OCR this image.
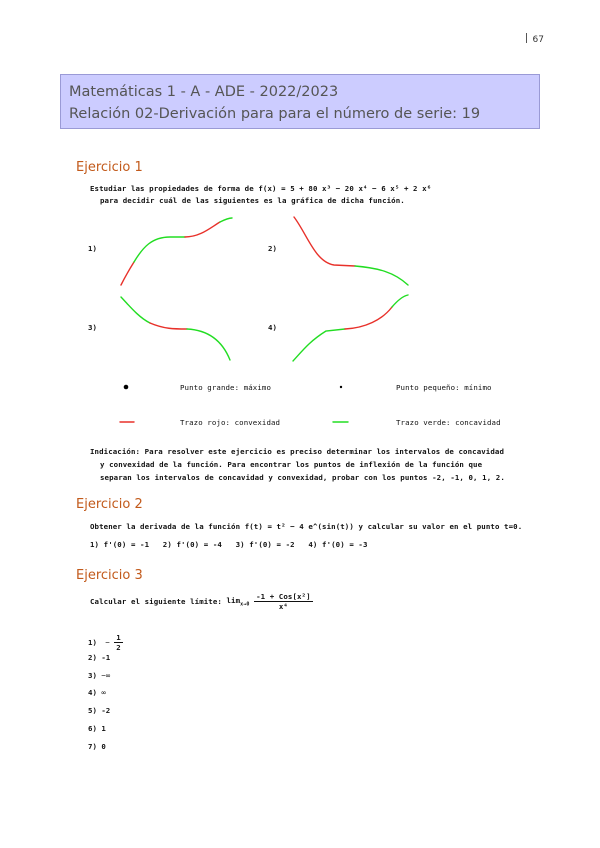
67
Matemáticas 1 - A - ADE - 2022/2023
Relación 02-Derivación para para el número de serie: 19
Ejercicio 1
Estudiar las propiedades de forma de f(x) = 5 + 80 x³ − 20 x⁴ − 6 x⁵ + 2 x⁶
para decidir cuál de las siguientes es la gráfica de dicha función.
1)	2)
3)	4)
Punto grande: máximo	Punto pequeño: mínimo
Trazo rojo: convexidad	Trazo verde: concavidad
Indicación: Para resolver este ejercicio es preciso determinar los intervalos de concavidad
y convexidad de la función. Para encontrar los puntos de inflexión de la función que
separan los intervalos de concavidad y convexidad, probar con los puntos -2, -1, 0, 1, 2.
Ejercicio 2
Obtener la derivada de la función f(t) = t² − 4 e^(sin(t)) y calcular su valor en el punto t=0.
1) f'(0) = -1   2) f'(0) = -4   3) f'(0) = -2   4) f'(0) = -3
Ejercicio 3
Calcular el siguiente límite: $\lim_{x\to 0} \frac{\text{-1 + Cos[x²]}}{\text{x⁴}}$
$1) - \frac{1}{2}$
2) -1
3) −∞
4) ∞
5) -2
6) 1
7) 0
